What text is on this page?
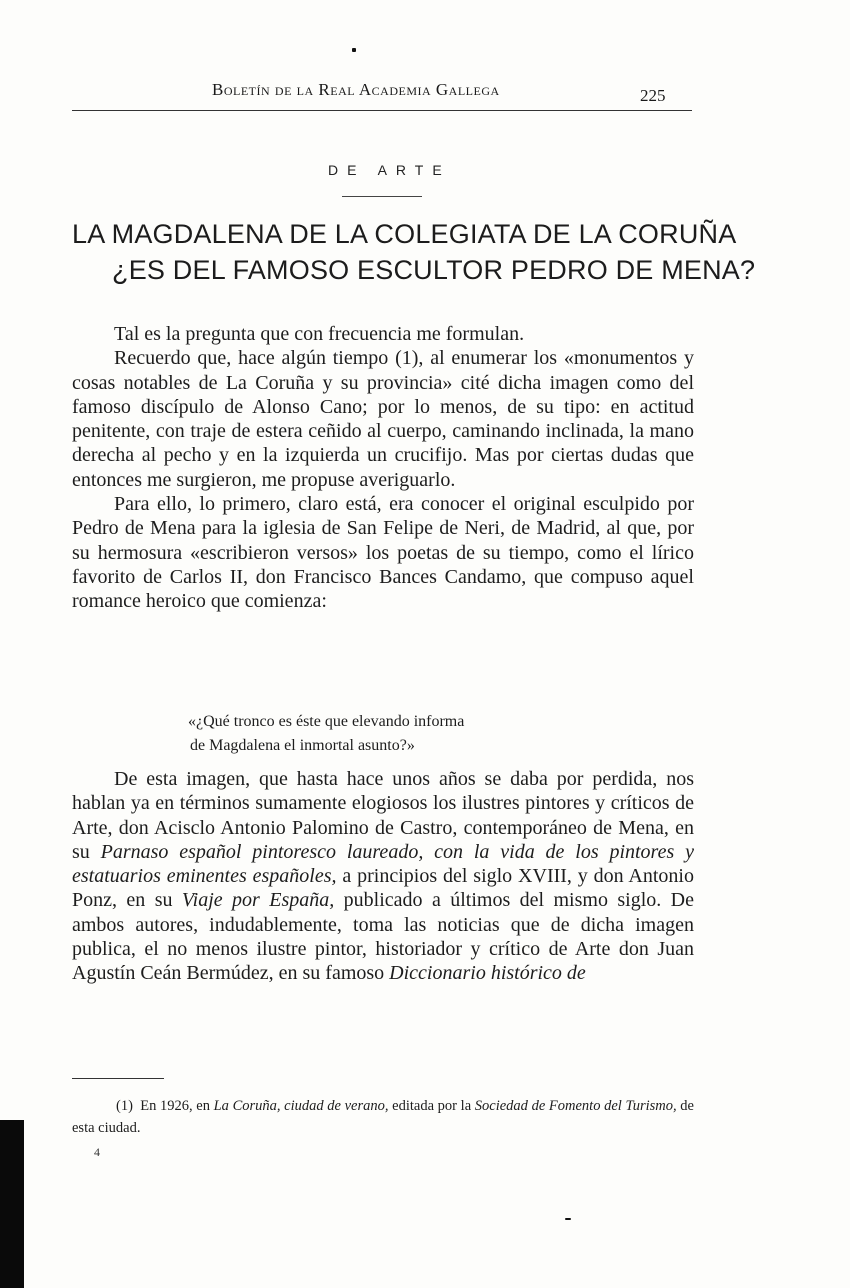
Boletín de la Real Academia Gallega	225
DE ARTE
LA MAGDALENA DE LA COLEGIATA DE LA CORUÑA
¿ES DEL FAMOSO ESCULTOR PEDRO DE MENA?

Tal es la pregunta que con frecuencia me formulan.

Recuerdo que, hace algún tiempo (1), al enumerar los «monumentos y cosas notables de La Coruña y su provincia» cité dicha imagen como del famoso discípulo de Alonso Cano; por lo menos, de su tipo: en actitud penitente, con traje de estera ceñido al cuerpo, caminando inclinada, la mano derecha al pecho y en la izquierda un crucifijo. Mas por ciertas dudas que entonces me surgieron, me propuse averiguarlo.

Para ello, lo primero, claro está, era conocer el original esculpido por Pedro de Mena para la iglesia de San Felipe de Neri, de Madrid, al que, por su hermosura «escribieron versos» los poetas de su tiempo, como el lírico favorito de Carlos II, don Francisco Bances Candamo, que compuso aquel romance heroico que comienza:

«¿Qué tronco es éste que elevando informa
de Magdalena el inmortal asunto?»

De esta imagen, que hasta hace unos años se daba por perdida, nos hablan ya en términos sumamente elogiosos los ilustres pintores y críticos de Arte, don Acisclo Antonio Palomino de Castro, contemporáneo de Mena, en su Parnaso español pintoresco laureado, con la vida de los pintores y estatuarios eminentes españoles, a principios del siglo XVIII, y don Antonio Ponz, en su Viaje por España, publicado a últimos del mismo siglo. De ambos autores, indudablemente, toma las noticias que de dicha imagen publica, el no menos ilustre pintor, historiador y crítico de Arte don Juan Agustín Ceán Bermúdez, en su famoso Diccionario histórico de

(1) En 1926, en La Coruña, ciudad de verano, editada por la Sociedad de Fomento del Turismo, de esta ciudad.

4
